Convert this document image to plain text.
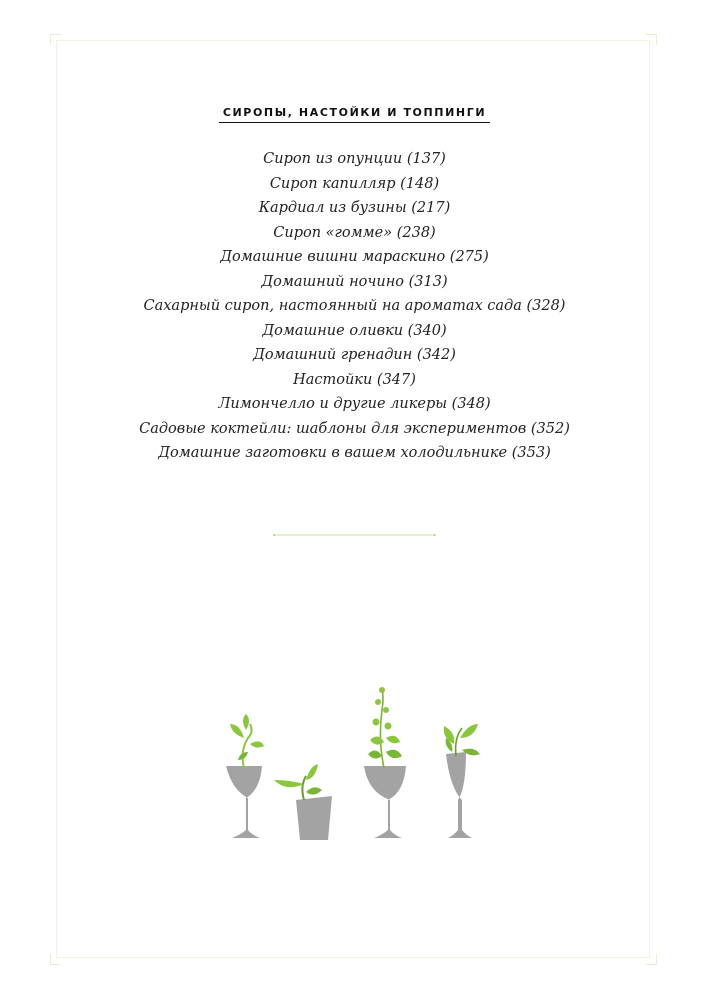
СИРОПЫ, НАСТОЙКИ И ТОППИНГИ
Сироп из опунции (137)
Сироп капилляр (148)
Кардиал из бузины (217)
Сироп «гомме» (238)
Домашние вишни мараскино (275)
Домашний ночино (313)
Сахарный сироп, настоянный на ароматах сада (328)
Домашние оливки (340)
Домашний гренадин (342)
Настойки (347)
Лимончелло и другие ликеры (348)
Садовые коктейли: шаблоны для экспериментов (352)
Домашние заготовки в вашем холодильнике (353)
